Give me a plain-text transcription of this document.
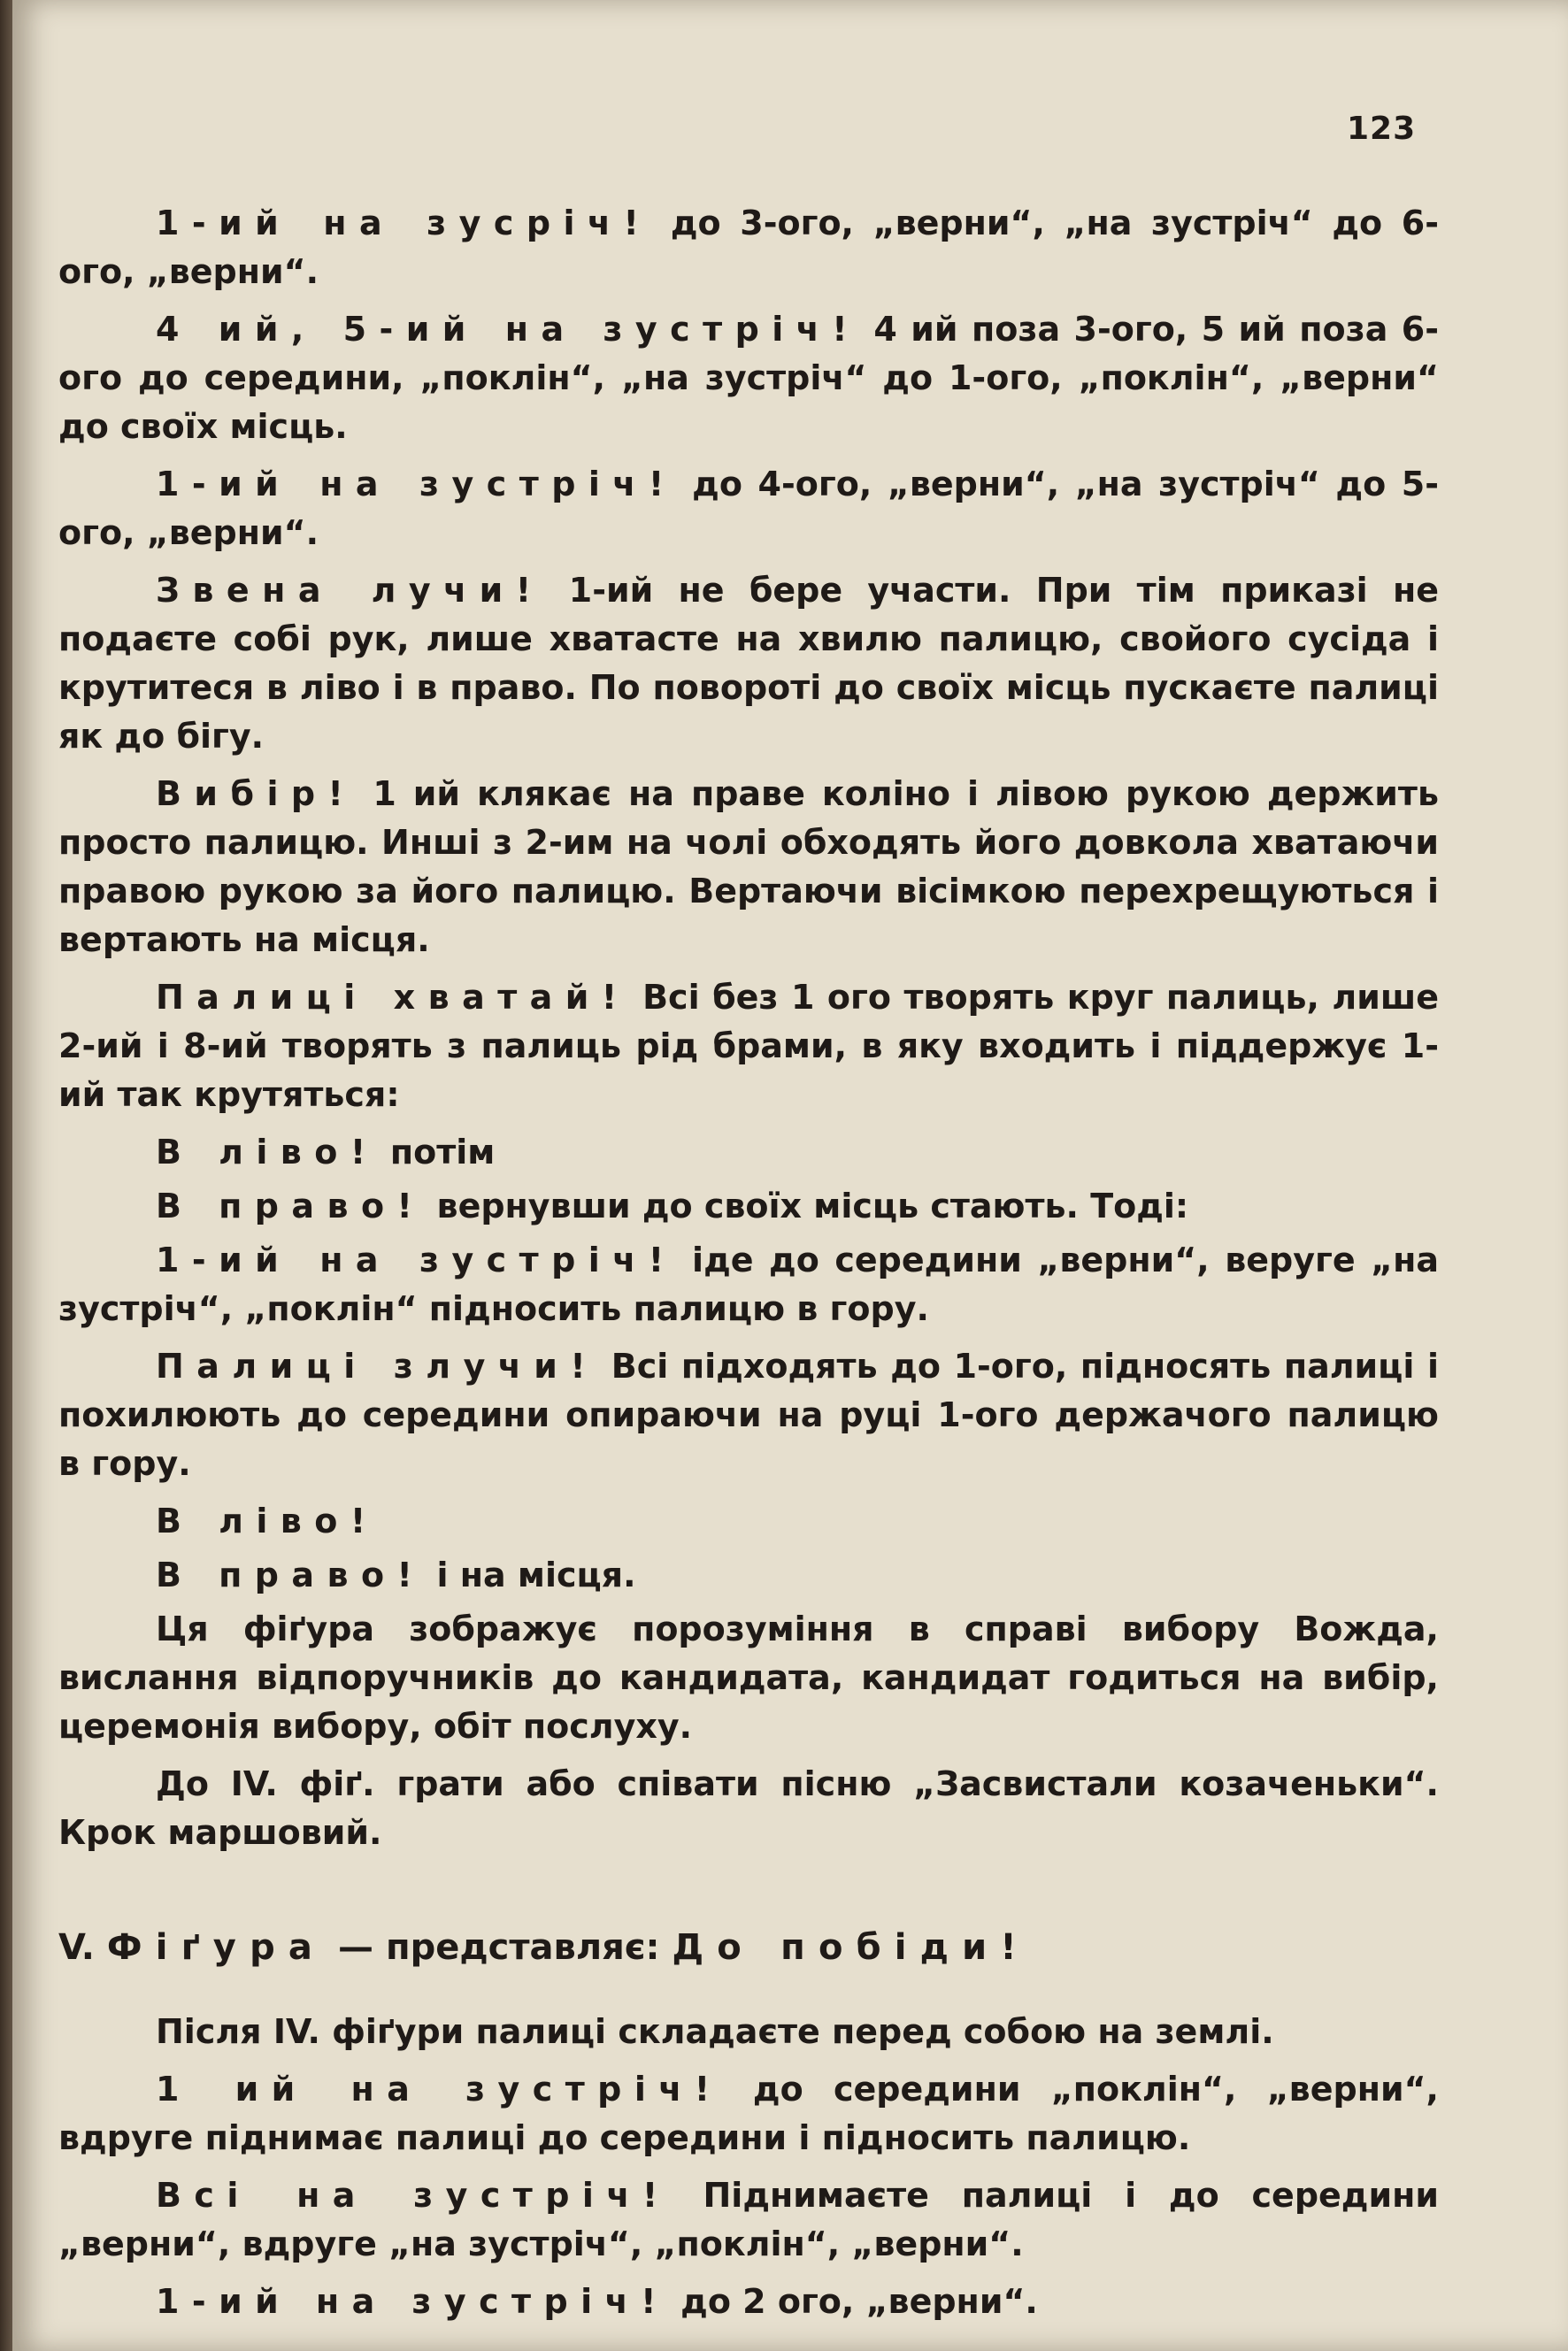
123

1-ий на зусріч! до 3-ого, „верни“, „на зустріч“ до 6-ого, „верни“.

4 ий, 5-ий на зустріч! 4 ий поза 3-ого, 5 ий поза 6-ого до середини, „поклін“, „на зустріч“ до 1-ого, „поклін“, „верни“ до своїх місць.

1-ий на зустріч! до 4-ого, „верни“, „на зустріч“ до 5-ого, „верни“.

Звена лучи! 1-ий не бере участи. При тім приказі не подаєте собі рук, лише хватасте на хвилю палицю, свойого сусіда і крутитеся в ліво і в право. По повороті до своїх місць пускаєте палиці як до бігу.

Вибір! 1 ий клякає на праве коліно і лівою рукою держить просто палицю. Инші з 2-им на чолі обходять його довкола хватаючи правою рукою за його палицю. Вертаючи вісімкою перехрещуються і вертають на місця.

Палиці хватай! Всі без 1 ого творять круг палиць, лише 2-ий і 8-ий творять з палиць рід брами, в яку входить і піддержує 1-ий так крутяться:

В ліво! потім

В право! вернувши до своїх місць стають. Тоді:

1-ий на зустріч! іде до середини „верни“, веруге „на зустріч“, „поклін“ підносить палицю в гору.

Палиці злучи! Всі підходять до 1-ого, підносять палиці і похилюють до середини опираючи на руці 1-ого держачого палицю в гору.

В ліво!

В право! і на місця.

Ця фіґура зображує порозуміння в справі вибору Вожда, вислання відпоручників до кандидата, кандидат годиться на вибір, церемонія вибору, обіт послуху.

До IV. фіґ. грати або співати пісню „Засвистали козаченьки“. Крок маршовий.

V. Фіґура — представляє: До побіди!

Після IV. фіґури палиці складаєте перед собою на землі.

1 ий на зустріч! до середини „поклін“, „верни“, вдруге піднимає палиці до середини і підносить палицю.

Всі на зустріч! Піднимаєте палиці і до середини „верни“, вдруге „на зустріч“, „поклін“, „верни“.

1-ий на зустріч! до 2 ого, „верни“.
